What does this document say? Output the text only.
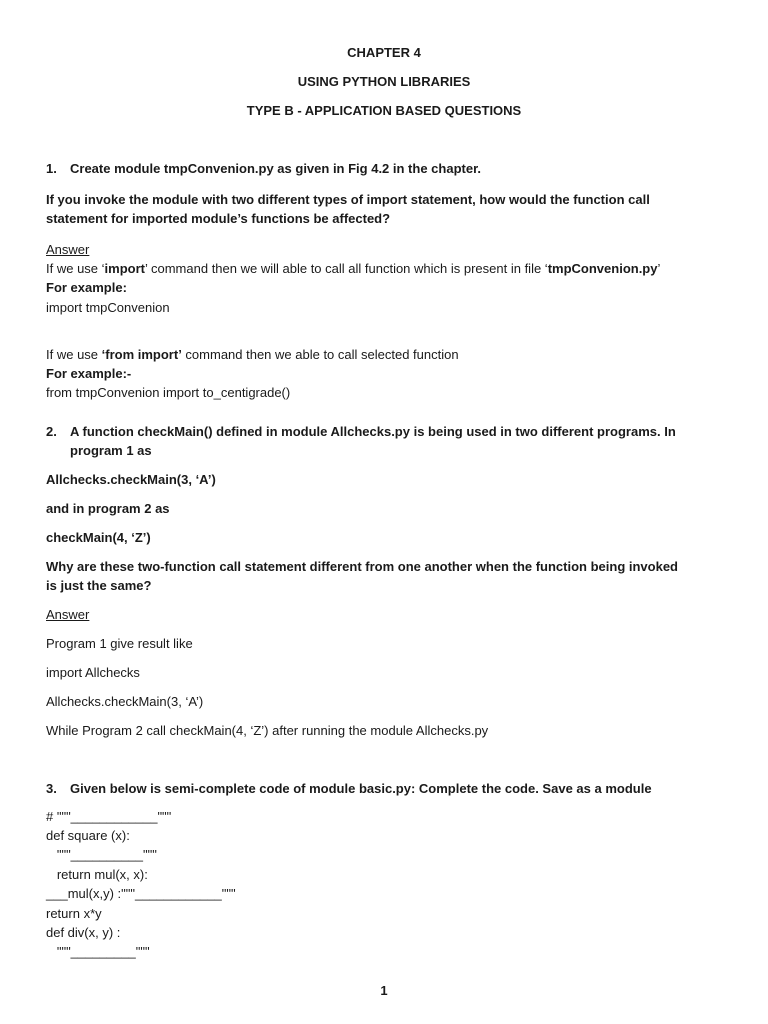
CHAPTER 4
USING PYTHON LIBRARIES
TYPE B - APPLICATION BASED QUESTIONS
1. Create module tmpConvenion.py as given in Fig 4.2 in the chapter.
If you invoke the module with two different types of import statement, how would the function call
statement for imported module’s functions be affected?
Answer
If we use ‘import’ command then we will able to call all function which is present in file ‘tmpConvenion.py’
For example:
import tmpConvenion
If we use ‘from import’ command then we able to call selected function
For example:-
from tmpConvenion import to_centigrade()
2. A function checkMain() defined in module Allchecks.py is being used in two different programs. In
program 1 as
Allchecks.checkMain(3, ‘A’)
and in program 2 as
checkMain(4, ‘Z’)
Why are these two-function call statement different from one another when the function being invoked
is just the same?
Answer
Program 1 give result like
import Allchecks
Allchecks.checkMain(3, ‘A’)
While Program 2 call checkMain(4, ‘Z’) after running the module Allchecks.py
3. Given below is semi-complete code of module basic.py: Complete the code. Save as a module
# """____________"""
def square (x):
"""__________"""
return mul(x, x):
___mul(x,y) :"""____________"""
return x*y
def div(x, y) :
"""_________"""
1
